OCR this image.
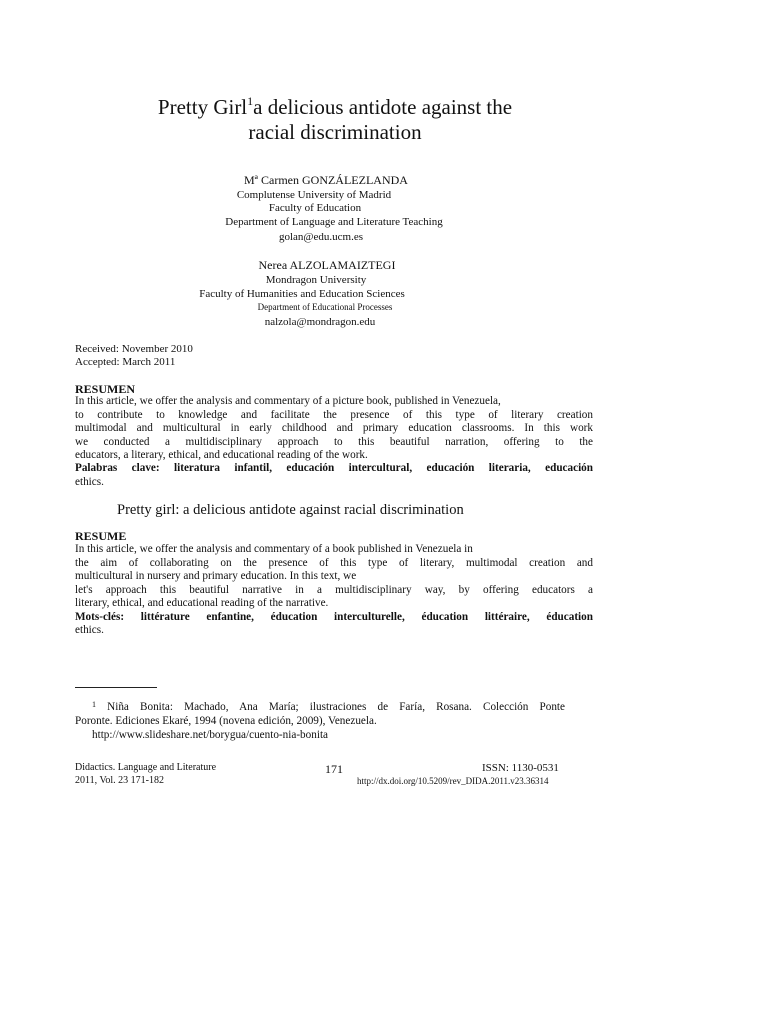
Pretty Girl$^1$a delicious antidote against the
racial discrimination
Mª Carmen GONZÁLEZLANDA
Complutense University of Madrid
Faculty of Education
Department of Language and Literature Teaching
golan@edu.ucm.es
Nerea ALZOLAMAIZTEGI
Mondragon University
Faculty of Humanities and Education Sciences
Department of Educational Processes
nalzola@mondragon.edu
Received: November 2010
Accepted: March 2011
RESUMEN
In this article, we offer the analysis and commentary of a picture book, published in Venezuela,
to contribute to knowledge and facilitate the presence of this type of literary creation
multimodal and multicultural in early childhood and primary education classrooms. In this work
we conducted a multidisciplinary approach to this beautiful narration, offering to the
educators, a literary, ethical, and educational reading of the work.
Palabras clave: literatura infantil, educación intercultural, educación literaria, educación
ethics.
Pretty girl: a delicious antidote against racial discrimination
RESUME
In this article, we offer the analysis and commentary of a book published in Venezuela in
the aim of collaborating on the presence of this type of literary, multimodal creation and
multicultural in nursery and primary education. In this text, we
let's approach this beautiful narrative in a multidisciplinary way, by offering educators a
literary, ethical, and educational reading of the narrative.
Mots-clés: littérature enfantine, éducation interculturelle, éducation littéraire, éducation
ethics.
$^1$ Niña Bonita: Machado, Ana María; ilustraciones de Faría, Rosana. Colección Ponte
Poronte. Ediciones Ekaré, 1994 (novena edición, 2009), Venezuela.
http://www.slideshare.net/borygua/cuento-nia-bonita
Didactics. Language and Literature
2011, Vol. 23 171-182
171	ISSN: 1130-0531
http://dx.doi.org/10.5209/rev_DIDA.2011.v23.36314
